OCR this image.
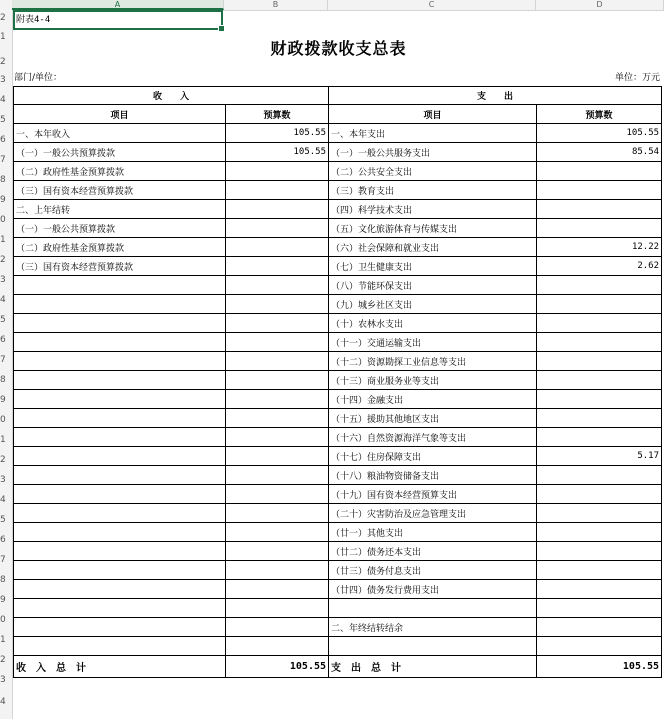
A	B	C	D
2
1
2
3
4
5
6
7
8
9
0
1
2
3
4
5
6
7
8
9
0
1
2
3
4
5
6
7
8
9
0
1
2
3
4
附表4-4
财政拨款收支总表
部门/单位：	单位：万元
收　　入		支　　出	
项目	预算数	项目	预算数
一、本年收入	105.55	一、本年支出	105.55
（一）一般公共预算拨款	105.55	（一）一般公共服务支出	85.54
（二）政府性基金预算拨款		（二）公共安全支出	
（三）国有资本经营预算拨款		（三）教育支出	
二、上年结转		（四）科学技术支出	
（一）一般公共预算拨款		（五）文化旅游体育与传媒支出	
（二）政府性基金预算拨款		（六）社会保障和就业支出	12.22
（三）国有资本经营预算拨款		（七）卫生健康支出	2.62
		（八）节能环保支出	
		（九）城乡社区支出	
		（十）农林水支出	
		（十一）交通运输支出	
		（十二）资源勘探工业信息等支出	
		（十三）商业服务业等支出	
		（十四）金融支出	
		（十五）援助其他地区支出	
		（十六）自然资源海洋气象等支出	
		（十七）住房保障支出	5.17
		（十八）粮油物资储备支出	
		（十九）国有资本经营预算支出	
		（二十）灾害防治及应急管理支出	
		（廿一）其他支出	
		（廿二）债务还本支出	
		（廿三）债务付息支出	
		（廿四）债务发行费用支出	

		二、年终结转结余	

收　入　总　计	105.55	支　出　总　计	105.55
